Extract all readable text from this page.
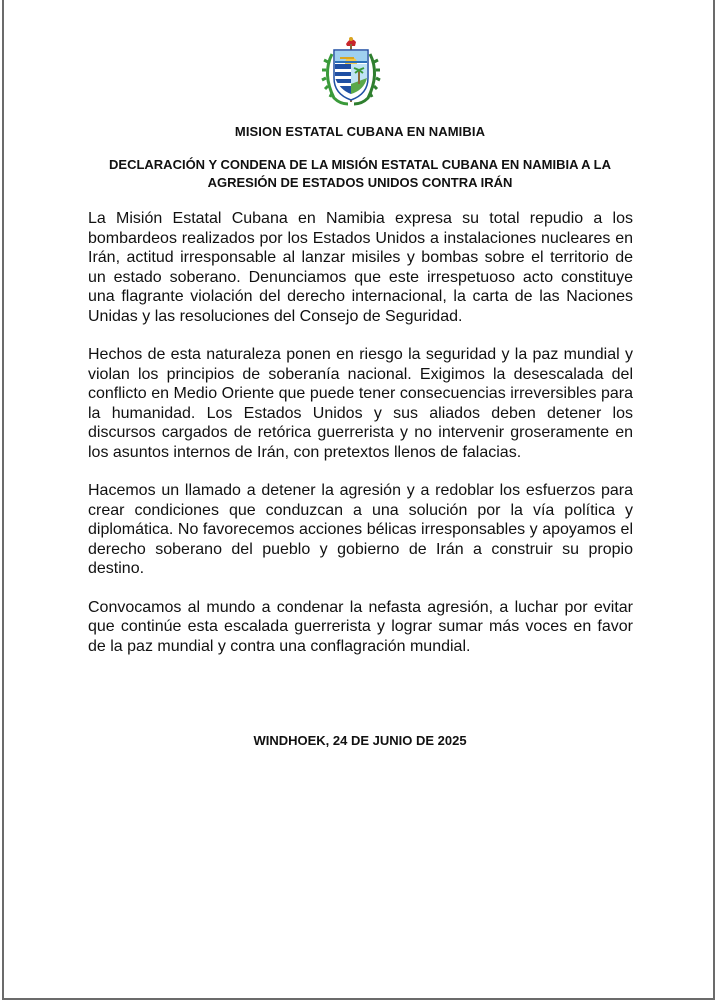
MISION ESTATAL CUBANA EN NAMIBIA
DECLARACIÓN Y CONDENA DE LA MISIÓN ESTATAL CUBANA EN NAMIBIA A LA AGRESIÓN DE ESTADOS UNIDOS CONTRA IRÁN

La Misión Estatal Cubana en Namibia expresa su total repudio a los bombardeos realizados por los Estados Unidos a instalaciones nucleares en Irán, actitud irresponsable al lanzar misiles y bombas sobre el territorio de un estado soberano. Denunciamos que este irrespetuoso acto constituye una flagrante violación del derecho internacional, la carta de las Naciones Unidas y las resoluciones del Consejo de Seguridad.

Hechos de esta naturaleza ponen en riesgo la seguridad y la paz mundial y violan los principios de soberanía nacional. Exigimos la desescalada del conflicto en Medio Oriente que puede tener consecuencias irreversibles para la humanidad. Los Estados Unidos y sus aliados deben detener los discursos cargados de retórica guerrerista y no intervenir groseramente en los asuntos internos de Irán, con pretextos llenos de falacias.

Hacemos un llamado a detener la agresión y a redoblar los esfuerzos para crear condiciones que conduzcan a una solución por la vía política y diplomática. No favorecemos acciones bélicas irresponsables y apoyamos el derecho soberano del pueblo y gobierno de Irán a construir su propio destino.

Convocamos al mundo a condenar la nefasta agresión, a luchar por evitar que continúe esta escalada guerrerista y lograr sumar más voces en favor de la paz mundial y contra una conflagración mundial.

WINDHOEK, 24 DE JUNIO DE 2025
